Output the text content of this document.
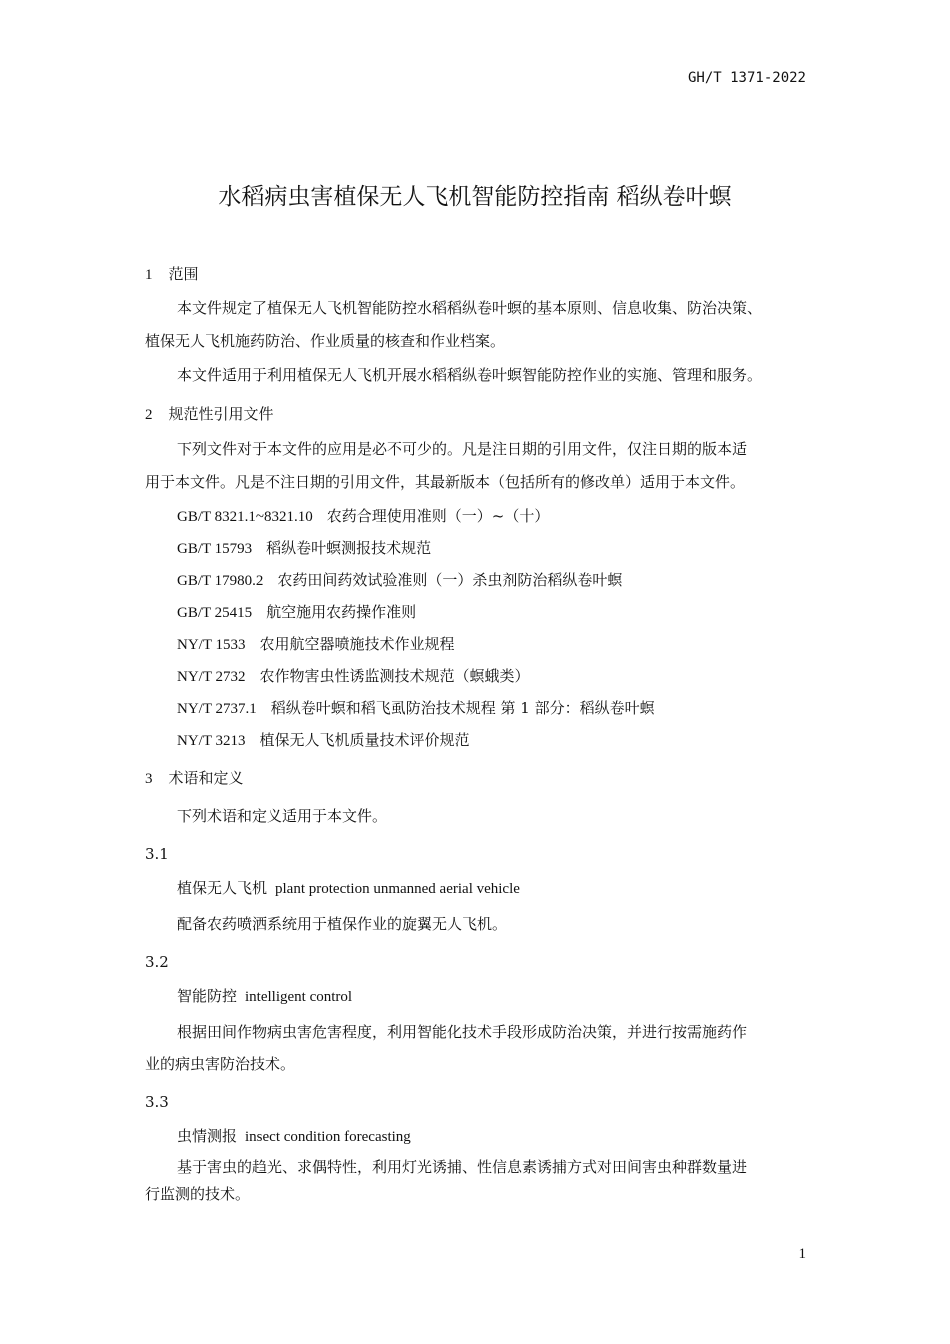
GH/T 1371-2022
水稻病虫害植保无人飞机智能防控指南 稻纵卷叶螟
1 范围
本文件规定了植保无人飞机智能防控水稻稻纵卷叶螟的基本原则、信息收集、防治决策、
植保无人飞机施药防治、作业质量的核查和作业档案。
本文件适用于利用植保无人飞机开展水稻稻纵卷叶螟智能防控作业的实施、管理和服务。
2 规范性引用文件
下列文件对于本文件的应用是必不可少的。凡是注日期的引用文件，仅注日期的版本适
用于本文件。凡是不注日期的引用文件，其最新版本（包括所有的修改单）适用于本文件。
GB/T 8321.1~8321.10 农药合理使用准则（一）~（十）
GB/T 15793 稻纵卷叶螟测报技术规范
GB/T 17980.2 农药田间药效试验准则（一）杀虫剂防治稻纵卷叶螟
GB/T 25415 航空施用农药操作准则
NY/T 1533 农用航空器喷施技术作业规程
NY/T 2732 农作物害虫性诱监测技术规范（螟蛾类）
NY/T 2737.1 稻纵卷叶螟和稻飞虱防治技术规程 第 1 部分：稻纵卷叶螟
NY/T 3213 植保无人飞机质量技术评价规范
3 术语和定义
下列术语和定义适用于本文件。
3.1
植保无人飞机 plant protection unmanned aerial vehicle
配备农药喷洒系统用于植保作业的旋翼无人飞机。
3.2
智能防控 intelligent control
根据田间作物病虫害危害程度，利用智能化技术手段形成防治决策，并进行按需施药作
业的病虫害防治技术。
3.3
虫情测报 insect condition forecasting
基于害虫的趋光、求偶特性，利用灯光诱捕、性信息素诱捕方式对田间害虫种群数量进
行监测的技术。
1
